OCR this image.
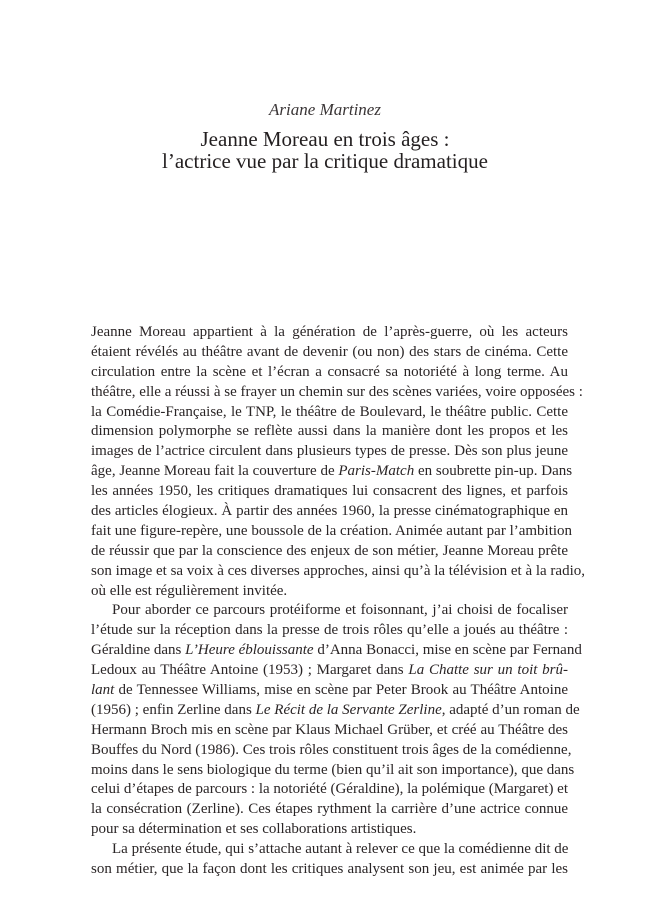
Ariane Martinez
Jeanne Moreau en trois âges :
l’actrice vue par la critique dramatique
Jeanne Moreau appartient à la génération de l’après-guerre, où les acteurs
étaient révélés au théâtre avant de devenir (ou non) des stars de cinéma. Cette
circulation entre la scène et l’écran a consacré sa notoriété à long terme. Au
théâtre, elle a réussi à se frayer un chemin sur des scènes variées, voire opposées :
la Comédie-Française, le TNP, le théâtre de Boulevard, le théâtre public. Cette
dimension polymorphe se reflète aussi dans la manière dont les propos et les
images de l’actrice circulent dans plusieurs types de presse. Dès son plus jeune
âge, Jeanne Moreau fait la couverture de Paris-Match en soubrette pin-up. Dans
les années 1950, les critiques dramatiques lui consacrent des lignes, et parfois
des articles élogieux. À partir des années 1960, la presse cinématographique en
fait une figure-repère, une boussole de la création. Animée autant par l’ambition
de réussir que par la conscience des enjeux de son métier, Jeanne Moreau prête
son image et sa voix à ces diverses approches, ainsi qu’à la télévision et à la radio,
où elle est régulièrement invitée.
Pour aborder ce parcours protéiforme et foisonnant, j’ai choisi de focaliser
l’étude sur la réception dans la presse de trois rôles qu’elle a joués au théâtre :
Géraldine dans L’Heure éblouissante d’Anna Bonacci, mise en scène par Fernand
Ledoux au Théâtre Antoine (1953) ; Margaret dans La Chatte sur un toit brû-
lant de Tennessee Williams, mise en scène par Peter Brook au Théâtre Antoine
(1956) ; enfin Zerline dans Le Récit de la Servante Zerline, adapté d’un roman de
Hermann Broch mis en scène par Klaus Michael Grüber, et créé au Théâtre des
Bouffes du Nord (1986). Ces trois rôles constituent trois âges de la comédienne,
moins dans le sens biologique du terme (bien qu’il ait son importance), que dans
celui d’étapes de parcours : la notoriété (Géraldine), la polémique (Margaret) et
la consécration (Zerline). Ces étapes rythment la carrière d’une actrice connue
pour sa détermination et ses collaborations artistiques.
La présente étude, qui s’attache autant à relever ce que la comédienne dit de
son métier, que la façon dont les critiques analysent son jeu, est animée par les
